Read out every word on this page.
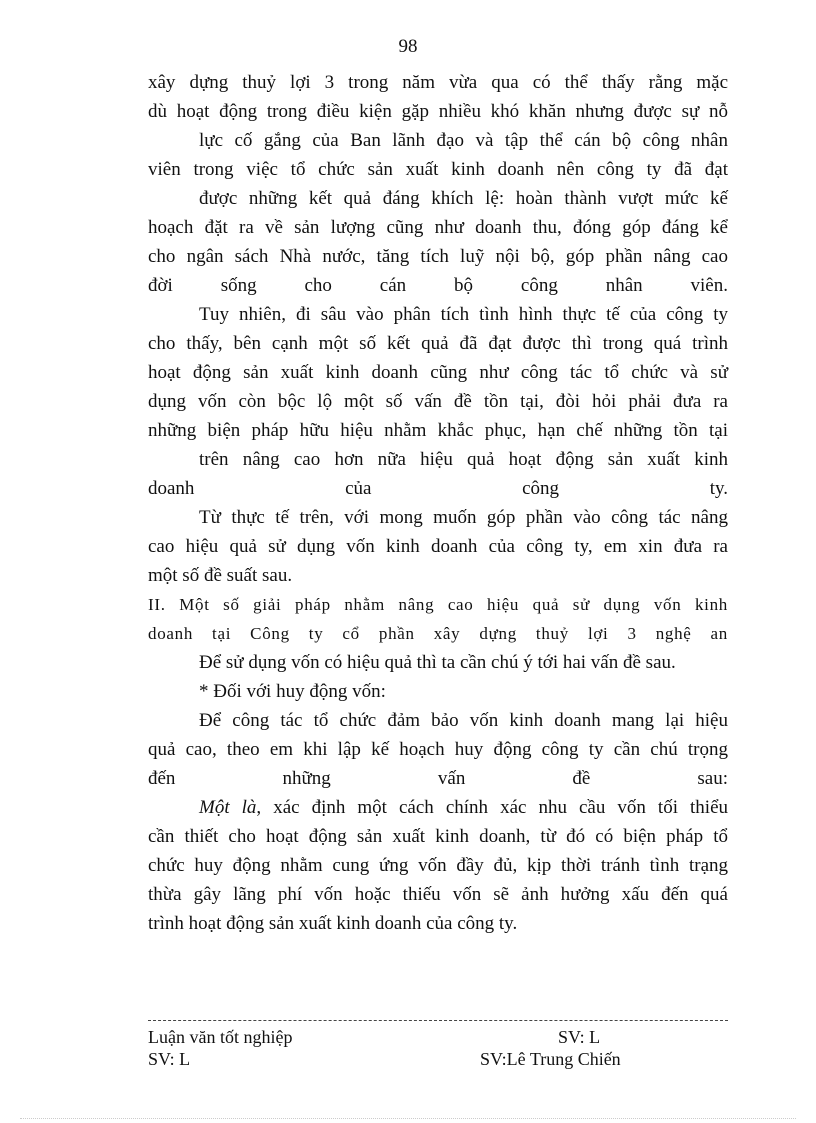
98
xây dựng thuỷ lợi 3 trong năm vừa qua có thể thấy rằng mặc
dù hoạt động trong điều kiện gặp nhiều khó khăn nhưng được sự nỗ
lực cố gắng của Ban lãnh đạo và tập thể cán bộ công nhân
viên trong việc tổ chức sản xuất kinh doanh nên công ty đã đạt
được những kết quả đáng khích lệ: hoàn thành vượt mức kế
hoạch đặt ra về sản lượng cũng như doanh thu, đóng góp đáng kể
cho ngân sách Nhà nước, tăng tích luỹ nội bộ, góp phần nâng cao
đời sống cho cán bộ công nhân viên.
Tuy nhiên, đi sâu vào phân tích tình hình thực tế của công ty
cho thấy, bên cạnh một số kết quả đã đạt được thì trong quá trình
hoạt động sản xuất kinh doanh cũng như công tác tổ chức và sử
dụng vốn còn bộc lộ một số vấn đề tồn tại, đòi hỏi phải đưa ra
những biện pháp hữu hiệu nhằm khắc phục, hạn chế những tồn tại
trên nâng cao hơn nữa hiệu quả hoạt động sản xuất kinh
doanh của công ty.
Từ thực tế trên, với mong muốn góp phần vào công tác nâng
cao hiệu quả sử dụng vốn kinh doanh của công ty, em xin đưa ra
một số đề suất sau.
II. Một số giải pháp nhằm nâng cao hiệu quả sử dụng vốn kinh
doanh tại Công ty cổ phần xây dựng thuỷ lợi 3 nghệ an
Để sử dụng vốn có hiệu quả thì ta cần chú ý tới hai vấn đề sau.
* Đối với huy động vốn:
Để công tác tổ chức đảm bảo vốn kinh doanh mang lại hiệu
quả cao, theo em khi lập kế hoạch huy động công ty cần chú trọng
đến những vấn đề sau:
Một là, xác định một cách chính xác nhu cầu vốn tối thiểu
cần thiết cho hoạt động sản xuất kinh doanh, từ đó có biện pháp tổ
chức huy động nhằm cung ứng vốn đầy đủ, kịp thời tránh tình trạng
thừa gây lãng phí vốn hoặc thiếu vốn sẽ ảnh hưởng xấu đến quá
trình hoạt động sản xuất kinh doanh của công ty.
Luận văn tốt nghiệp	SV: L
SV: L	SV:Lê Trung Chiến
